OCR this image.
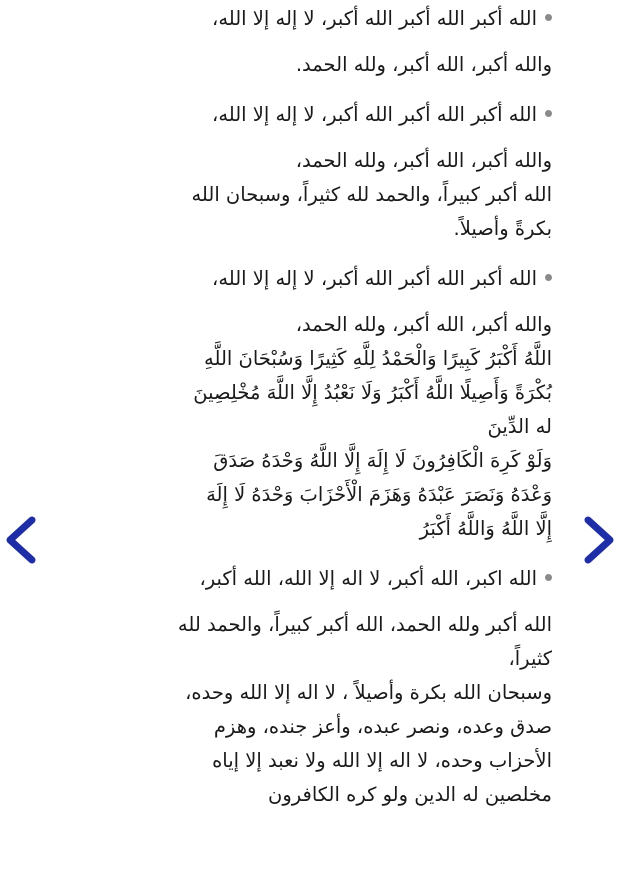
الله أكبر الله أكبر الله أكبر، لا إله إلا الله،
والله أكبر، الله أكبر، ولله الحمد.
الله أكبر الله أكبر الله أكبر، لا إله إلا الله،
والله أكبر، الله أكبر، ولله الحمد،
الله أكبر كبيراً، والحمد لله كثيراً، وسبحان الله
بكرةً وأصيلاً.
الله أكبر الله أكبر الله أكبر، لا إله إلا الله،
والله أكبر، الله أكبر، ولله الحمد،
اللَّهُ أَكْبَرُ كَبِيرًا وَالْحَمْدُ لِلَّهِ كَثِيرًا وَسُبْحَانَ اللَّهِ
بُكْرَةً وَأَصِيلًا اللَّهُ أَكْبَرُ وَلَا نَعْبُدُ إِلَّا اللَّهَ مُخْلِصِينَ
له الدِّينَ
وَلَوْ كَرِهَ الْكَافِرُونَ لَا إِلَهَ إِلَّا اللَّهُ وَحْدَهُ صَدَقَ
وَعْدَهُ وَنَصَرَ عَبْدَهُ وَهَزَمَ الْأَحْزَابَ وَحْدَهُ لَا إِلَهَ
إِلَّا اللَّهُ وَاللَّهُ أَكْبَرُ
الله اكبر، الله أكبر، لا اله إلا الله، الله أكبر،
الله أكبر ولله الحمد، الله أكبر كبيراً، والحمد لله
كثيراً،
وسبحان الله بكرة وأصيلاً ، لا اله إلا الله وحده،
صدق وعده، ونصر عبده، وأعز جنده، وهزم
الأحزاب وحده، لا اله إلا الله ولا نعبد إلا إياه
مخلصين له الدين ولو كره الكافرون
